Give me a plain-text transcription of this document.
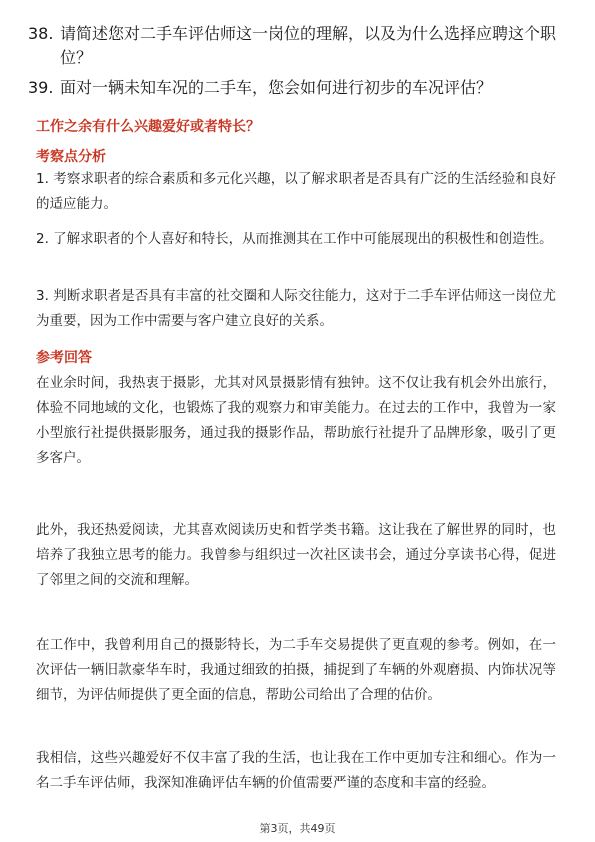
38. 请简述您对二手车评估师这一岗位的理解，以及为什么选择应聘这个职位？
39. 面对一辆未知车况的二手车，您会如何进行初步的车况评估？
工作之余有什么兴趣爱好或者特长？
考察点分析
1. 考察求职者的综合素质和多元化兴趣，以了解求职者是否具有广泛的生活经验和良好的适应能力。
2. 了解求职者的个人喜好和特长，从而推测其在工作中可能展现出的积极性和创造性。
3. 判断求职者是否具有丰富的社交圈和人际交往能力，这对于二手车评估师这一岗位尤为重要，因为工作中需要与客户建立良好的关系。
参考回答
在业余时间，我热衷于摄影，尤其对风景摄影情有独钟。这不仅让我有机会外出旅行，体验不同地域的文化，也锻炼了我的观察力和审美能力。在过去的工作中，我曾为一家小型旅行社提供摄影服务，通过我的摄影作品，帮助旅行社提升了品牌形象，吸引了更多客户。
此外，我还热爱阅读，尤其喜欢阅读历史和哲学类书籍。这让我在了解世界的同时，也培养了我独立思考的能力。我曾参与组织过一次社区读书会，通过分享读书心得，促进了邻里之间的交流和理解。
在工作中，我曾利用自己的摄影特长，为二手车交易提供了更直观的参考。例如，在一次评估一辆旧款豪华车时，我通过细致的拍摄，捕捉到了车辆的外观磨损、内饰状况等细节，为评估师提供了更全面的信息，帮助公司给出了合理的估价。
我相信，这些兴趣爱好不仅丰富了我的生活，也让我在工作中更加专注和细心。作为一名二手车评估师，我深知准确评估车辆的价值需要严谨的态度和丰富的经验。
第3页，共49页
